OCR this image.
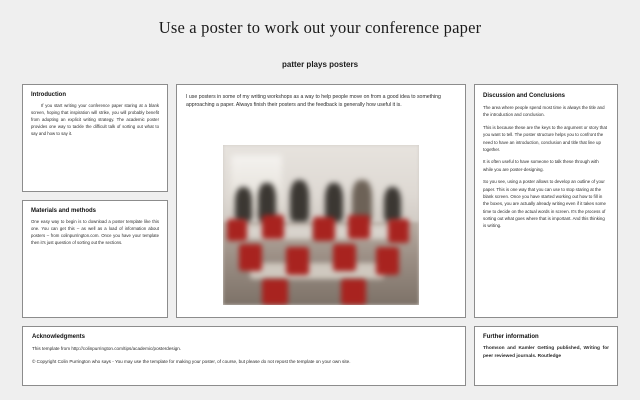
Use a poster to work out your conference paper
patter plays posters
Introduction

If you start writing your conference paper staring at a blank screen, hoping that inspiration will strike, you will probably benefit from adopting an explicit writing strategy. The academic poster provides one way to tackle the difficult talk of sorting out what to say and how to say it.

Materials and methods

One easy way to begin is to download a poster template like this one. You can get this – as well as a load of information about posters – from colinpurrington.com. Once you have your template then it's just question of sorting out the sections.

I use posters in some of my writing workshops as a way to help people move on from a good idea to something approaching a paper. Always finish their posters and the feedback is generally how useful it is.

Discussion and Conclusions

The area where people spend most time is always the title and the introduction and conclusion.

This is because these are the keys to the argument or story that you want to tell. The poster structure helps you to confront the need to have an introduction, conclusion and title that line up together.

It is often useful to have someone to talk these through with while you are poster-designing.

So you see, using a poster allows to develop an outline of your paper. This is one way that you can use to stop staring at the blank screen. Once you have started working out how to fill in the boxes, you are actually already writing even if it takes some time to decide on the actual words in screen. It's the process of sorting out what goes where that is important. And this thinking is writing.

Acknowledgments

This template from http://colinpurrington.com/tips/academic/posterdesign.

© Copyright Colin Purrington who says - You may use the template for making your poster, of course, but please do not repost the template on your own site.

Further information

Thomson and Kamler Getting published, Writing for peer reviewed journals. Routledge
